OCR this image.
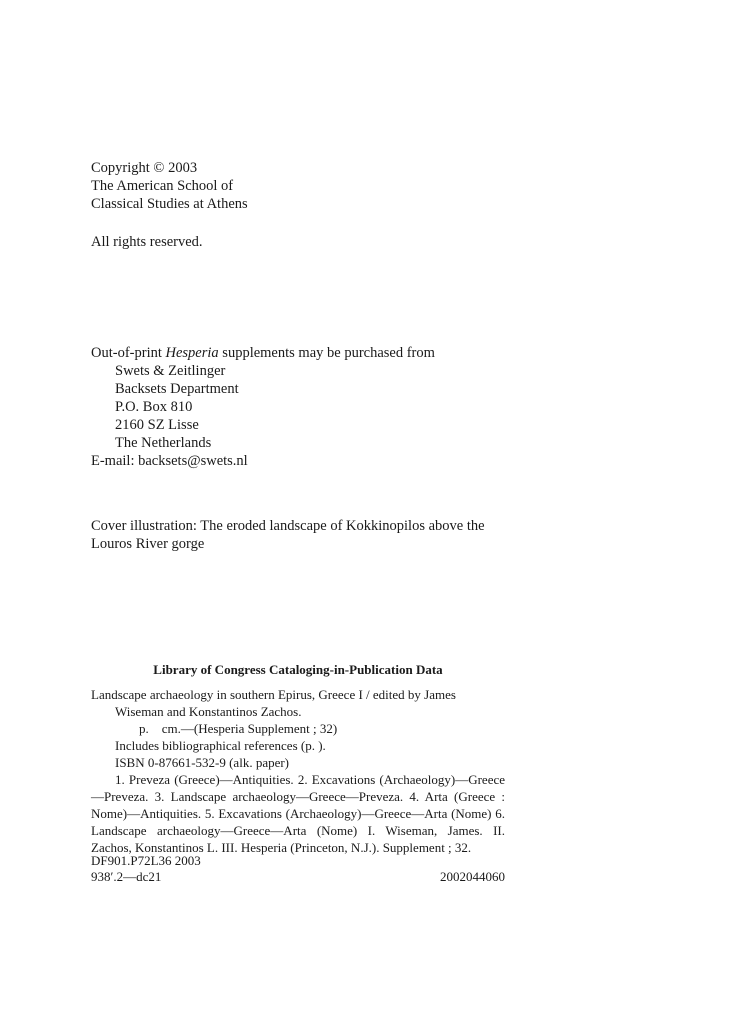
Copyright © 2003
The American School of
Classical Studies at Athens
All rights reserved.
Out-of-print Hesperia supplements may be purchased from
Swets & Zeitlinger
Backsets Department
P.O. Box 810
2160 SZ Lisse
The Netherlands
E-mail: backsets@swets.nl
Cover illustration: The eroded landscape of Kokkinopilos above the Louros River gorge
Library of Congress Cataloging-in-Publication Data
Landscape archaeology in southern Epirus, Greece I / edited by James
Wiseman and Konstantinos Zachos.
p.    cm.—(Hesperia Supplement ; 32)
Includes bibliographical references (p. ).
ISBN 0-87661-532-9 (alk. paper)
1. Preveza (Greece)—Antiquities. 2. Excavations (Archaeology)—Greece—Preveza. 3. Landscape archaeology—Greece—Preveza. 4. Arta (Greece : Nome)—Antiquities. 5. Excavations (Archaeology)—Greece—Arta (Nome) 6. Landscape archaeology—Greece—Arta (Nome) I. Wiseman, James. II. Zachos, Konstantinos L. III. Hesperia (Princeton, N.J.). Supplement ; 32.
DF901.P72L36 2003
938′.2—dc21	2002044060
